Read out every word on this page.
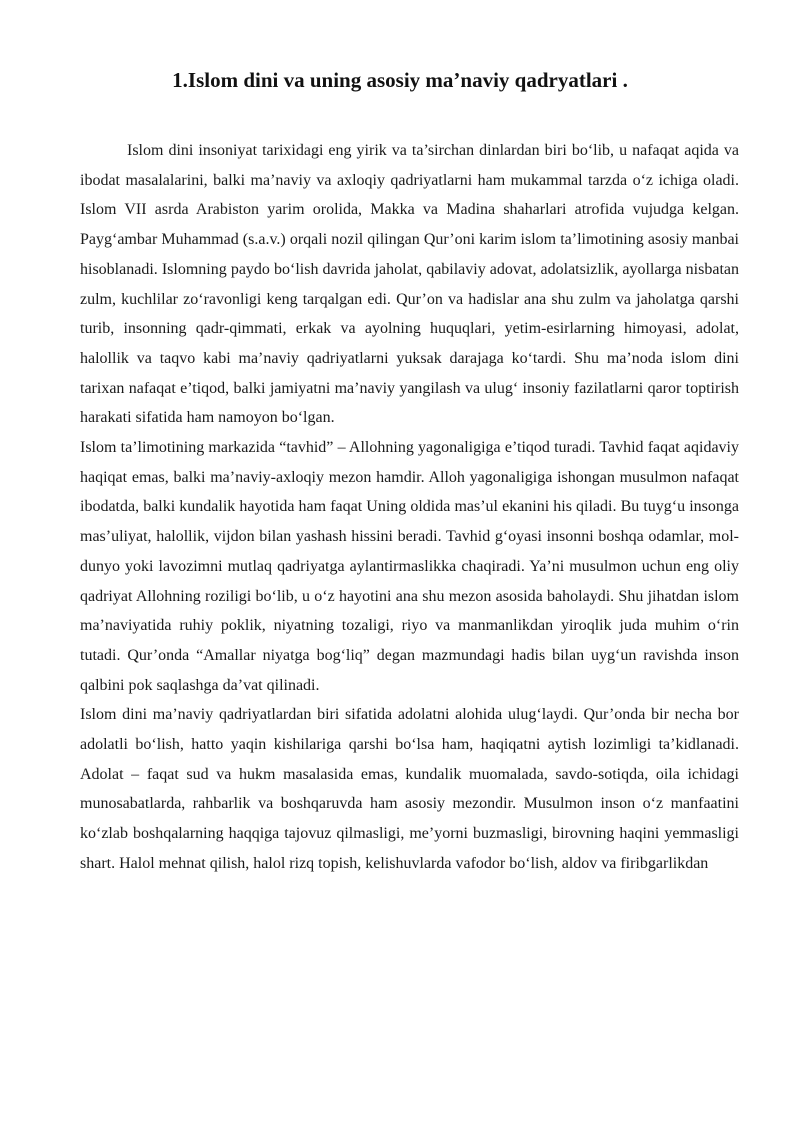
1.Islom dini va uning asosiy ma’naviy qadryatlari .

Islom dini insoniyat tarixidagi eng yirik va ta’sirchan dinlardan biri bo‘lib, u nafaqat aqida va ibodat masalalarini, balki ma’naviy va axloqiy qadriyatlarni ham mukammal tarzda o‘z ichiga oladi. Islom VII asrda Arabiston yarim orolida, Makka va Madina shaharlari atrofida vujudga kelgan. Payg‘ambar Muhammad (s.a.v.) orqali nozil qilingan Qur’oni karim islom ta’limotining asosiy manbai hisoblanadi. Islomning paydo bo‘lish davrida jaholat, qabilaviy adovat, adolatsizlik, ayollarga nisbatan zulm, kuchlilar zo‘ravonligi keng tarqalgan edi. Qur’on va hadislar ana shu zulm va jaholatga qarshi turib, insonning qadr-qimmati, erkak va ayolning huquqlari, yetim-esirlarning himoyasi, adolat, halollik va taqvo kabi ma’naviy qadriyatlarni yuksak darajaga ko‘tardi. Shu ma’noda islom dini tarixan nafaqat e’tiqod, balki jamiyatni ma’naviy yangilash va ulug‘ insoniy fazilatlarni qaror toptirish harakati sifatida ham namoyon bo‘lgan.

Islom ta’limotining markazida “tavhid” – Allohning yagonaligiga e’tiqod turadi. Tavhid faqat aqidaviy haqiqat emas, balki ma’naviy-axloqiy mezon hamdir. Alloh yagonaligiga ishongan musulmon nafaqat ibodatda, balki kundalik hayotida ham faqat Uning oldida mas’ul ekanini his qiladi. Bu tuyg‘u insonga mas’uliyat, halollik, vijdon bilan yashash hissini beradi. Tavhid g‘oyasi insonni boshqa odamlar, mol-dunyo yoki lavozimni mutlaq qadriyatga aylantirmaslikka chaqiradi. Ya’ni musulmon uchun eng oliy qadriyat Allohning roziligi bo‘lib, u o‘z hayotini ana shu mezon asosida baholaydi. Shu jihatdan islom ma’naviyatida ruhiy poklik, niyatning tozaligi, riyo va manmanlikdan yiroqlik juda muhim o‘rin tutadi. Qur’onda “Amallar niyatga bog‘liq” degan mazmundagi hadis bilan uyg‘un ravishda inson qalbini pok saqlashga da’vat qilinadi.

Islom dini ma’naviy qadriyatlardan biri sifatida adolatni alohida ulug‘laydi. Qur’onda bir necha bor adolatli bo‘lish, hatto yaqin kishilariga qarshi bo‘lsa ham, haqiqatni aytish lozimligi ta’kidlanadi. Adolat – faqat sud va hukm masalasida emas, kundalik muomalada, savdo-sotiqda, oila ichidagi munosabatlarda, rahbarlik va boshqaruvda ham asosiy mezondir. Musulmon inson o‘z manfaatini ko‘zlab boshqalarning haqqiga tajovuz qilmasligi, me’yorni buzmasligi, birovning haqini yemmasligi shart. Halol mehnat qilish, halol rizq topish, kelishuvlarda vafodor bo‘lish, aldov va firibgarlikdan
